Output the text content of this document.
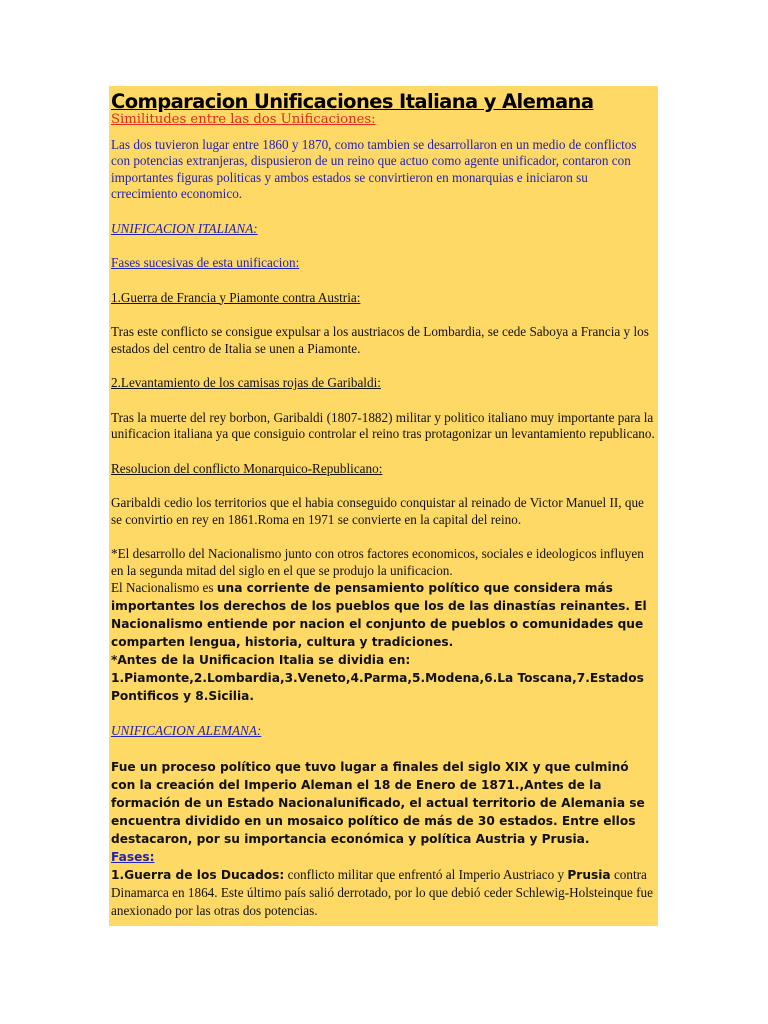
Comparacion Unificaciones Italiana y Alemana

Similitudes entre las dos Unificaciones:

Las dos tuvieron lugar entre 1860 y 1870, como tambien se desarrollaron en un medio de conflictos con potencias extranjeras, dispusieron de un reino que actuo como agente unificador, contaron con importantes figuras politicas y ambos estados se convirtieron en monarquias e iniciaron su crrecimiento economico.

UNIFICACION ITALIANA:

Fases sucesivas de esta unificacion:

1.Guerra de Francia y Piamonte contra Austria:

Tras este conflicto se consigue expulsar a los austriacos de Lombardia, se cede Saboya a Francia y los estados del centro de Italia se unen a Piamonte.

2.Levantamiento de los camisas rojas de Garibaldi:

Tras la muerte del rey borbon, Garibaldi (1807-1882) militar y politico italiano muy importante para la unificacion italiana ya que consiguio controlar el reino tras protagonizar un levantamiento republicano.

Resolucion del conflicto Monarquico-Republicano:

Garibaldi cedio los territorios que el habia conseguido conquistar al reinado de Victor Manuel II, que se convirtio en rey en 1861.Roma en 1971 se convierte en la capital del reino.

*El desarrollo del Nacionalismo junto con otros factores economicos, sociales e ideologicos influyen en la segunda mitad del siglo en el que se produjo la unificacion.

El Nacionalismo es una corriente de pensamiento político que considera más importantes los derechos de los pueblos que los de las dinastías reinantes. El Nacionalismo entiende por nacion el conjunto de pueblos o comunidades que comparten lengua, historia, cultura y tradiciones.

*Antes de la Unificacion Italia se dividia en:

1.Piamonte,2.Lombardia,3.Veneto,4.Parma,5.Modena,6.La Toscana,7.Estados Pontificos y 8.Sicilia.

UNIFICACION ALEMANA:

Fue un proceso político que tuvo lugar a finales del siglo XIX y que culminó con la creación del Imperio Aleman el 18 de Enero de 1871.,Antes de la formación de un Estado Nacionalunificado, el actual territorio de Alemania se encuentra dividido en un mosaico político de más de 30 estados. Entre ellos destacaron, por su importancia económica y política Austria y Prusia.

Fases:

1.Guerra de los Ducados: conflicto militar que enfrentó al Imperio Austriaco y Prusia contra Dinamarca en 1864. Este último país salió derrotado, por lo que debió ceder Schlewig-Holsteinque fue anexionado por las otras dos potencias.
